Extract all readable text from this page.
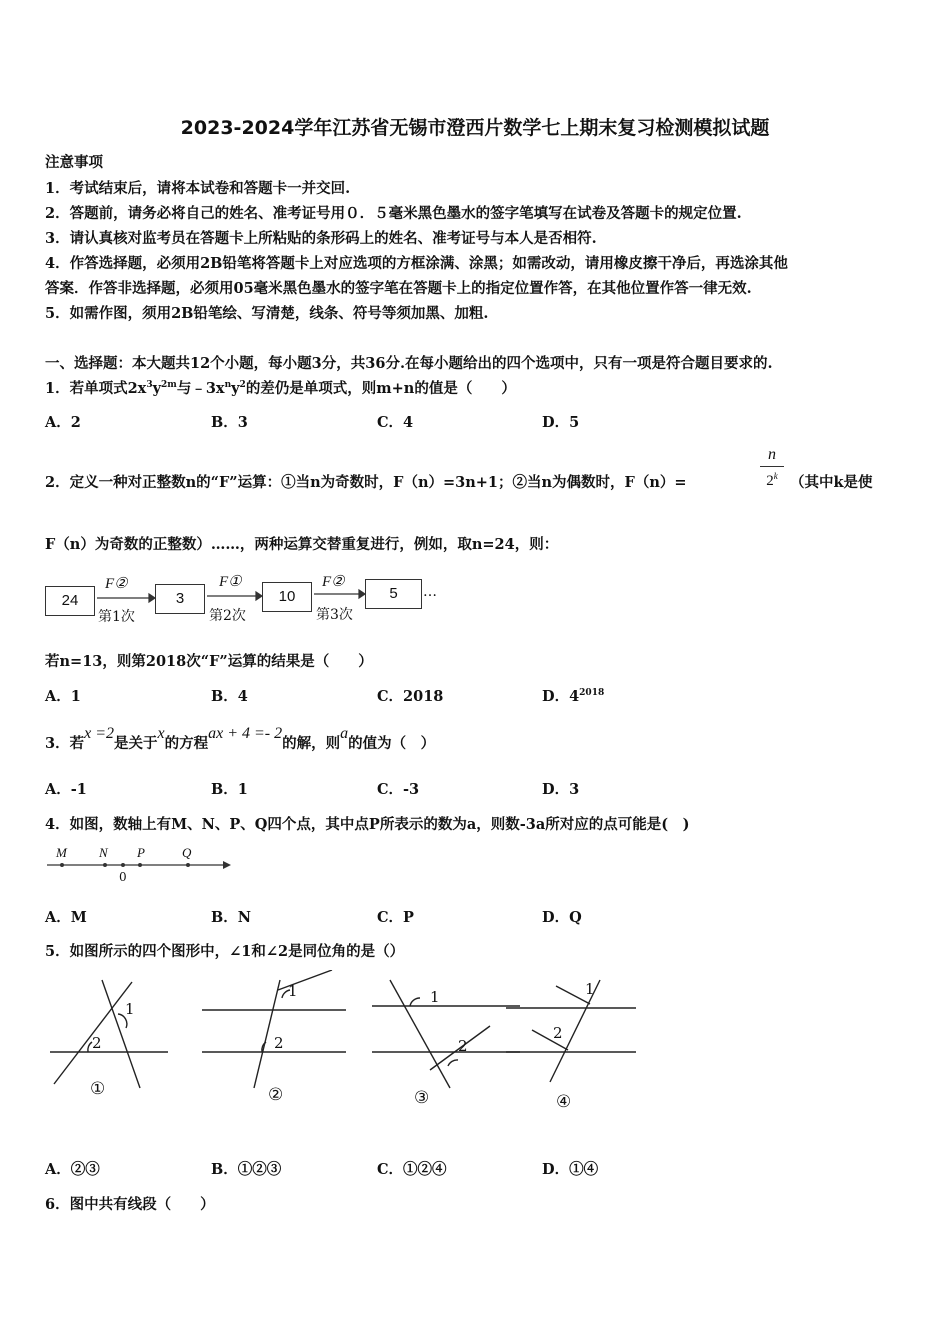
2023-2024学年江苏省无锡市澄西片数学七上期末复习检测模拟试题
注意事项
1．考试结束后，请将本试卷和答题卡一并交回.
2．答题前，请务必将自己的姓名、准考证号用０．５毫米黑色墨水的签字笔填写在试卷及答题卡的规定位置.
3．请认真核对监考员在答题卡上所粘贴的条形码上的姓名、准考证号与本人是否相符.
4．作答选择题，必须用2B铅笔将答题卡上对应选项的方框涂满、涂黑；如需改动，请用橡皮擦干净后，再选涂其他
答案．作答非选择题，必须用05毫米黑色墨水的签字笔在答题卡上的指定位置作答，在其他位置作答一律无效.
5．如需作图，须用2B铅笔绘、写清楚，线条、符号等须加黑、加粗.
一、选择题：本大题共12个小题，每小题3分，共36分.在每小题给出的四个选项中，只有一项是符合题目要求的.
1．若单项式$2x^3y^{2m}$与$﹣3x^ny^2$的差仍是单项式，则m+n的值是（　　）
A．2	B．3	C．4	D．5
2．定义一种对正整数n的“F”运算：①当n为奇数时，F（n）=3n+1；②当n为偶数时，F（n）=
n
2$^k$ （其中k是使
F（n）为奇数的正整数）……，两种运算交替重复进行，例如，取n=24，则：
24	3	10	5
F②	F①	F②
第1次	第2次	第3次
…
若n=13，则第2018次“F”运算的结果是（　　）
A．1	B．4	C．2018	D．$4^{2018}$
3．若x =2是关于x的方程ax + 4 =- 2的解，则a的值为（　）
A．-1	B．1	C．-3	D．3
4．如图，数轴上有M、N、P、Q四个点，其中点P所表示的数为a，则数-3a所对应的点可能是(　)
M N P	Q
0
A．M	B．N	C．P	D．Q
5．如图所示的四个图形中，∠1和∠2是同位角的是（）
1
2
1
2
1
2
1
2
①	②	③	④
A．②③	B．①②③	C．①②④	D．①④
6．图中共有线段（　　）
